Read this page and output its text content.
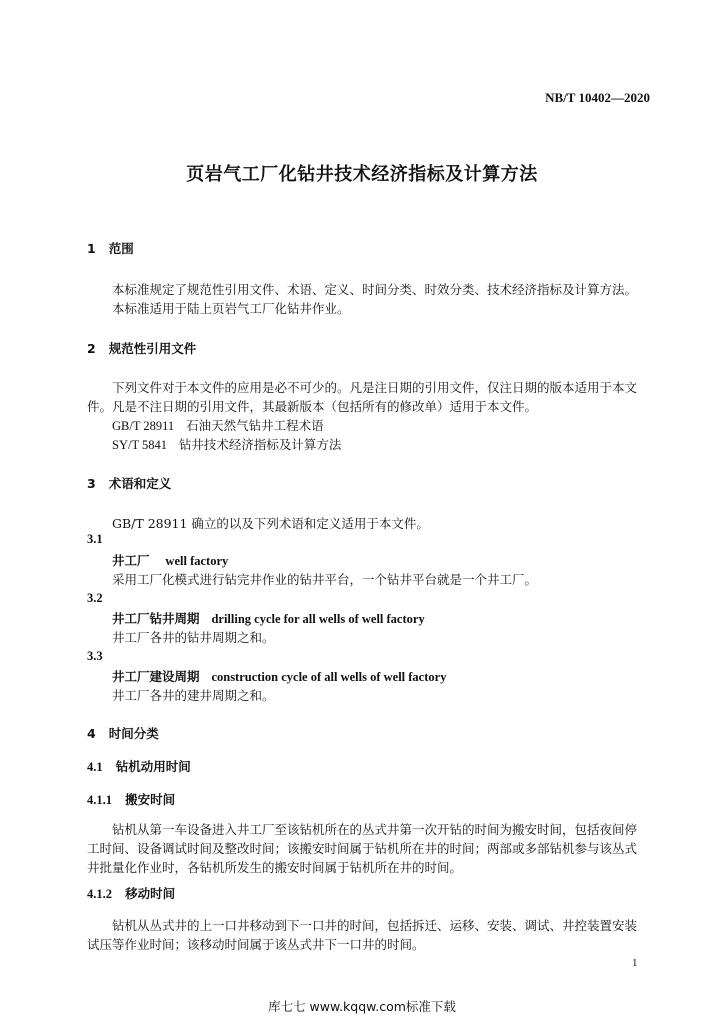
NB/T 10402—2020
页岩气工厂化钻井技术经济指标及计算方法
1 范围
本标准规定了规范性引用文件、术语、定义、时间分类、时效分类、技术经济指标及计算方法。
本标准适用于陆上页岩气工厂化钻井作业。
2 规范性引用文件
下列文件对于本文件的应用是必不可少的。凡是注日期的引用文件，仅注日期的版本适用于本文
件。凡是不注日期的引用文件，其最新版本（包括所有的修改单）适用于本文件。
GB/T 28911 石油天然气钻井工程术语
SY/T 5841 钻井技术经济指标及计算方法
3 术语和定义
GB/T 28911 确立的以及下列术语和定义适用于本文件。
3.1
井工厂 well factory
采用工厂化模式进行钻完井作业的钻井平台，一个钻井平台就是一个井工厂。
3.2
井工厂钻井周期 drilling cycle for all wells of well factory
井工厂各井的钻井周期之和。
3.3
井工厂建设周期 construction cycle of all wells of well factory
井工厂各井的建井周期之和。
4 时间分类
4.1 钻机动用时间
4.1.1 搬安时间
钻机从第一车设备进入井工厂至该钻机所在的丛式井第一次开钻的时间为搬安时间，包括夜间停
工时间、设备调试时间及整改时间；该搬安时间属于钻机所在井的时间；两部或多部钻机参与该丛式
井批量化作业时，各钻机所发生的搬安时间属于钻机所在井的时间。
4.1.2 移动时间
钻机从丛式井的上一口井移动到下一口井的时间，包括拆迁、运移、安装、调试、井控装置安装
试压等作业时间；该移动时间属于该丛式井下一口井的时间。
1
库七七 www.kqqw.com标准下载
